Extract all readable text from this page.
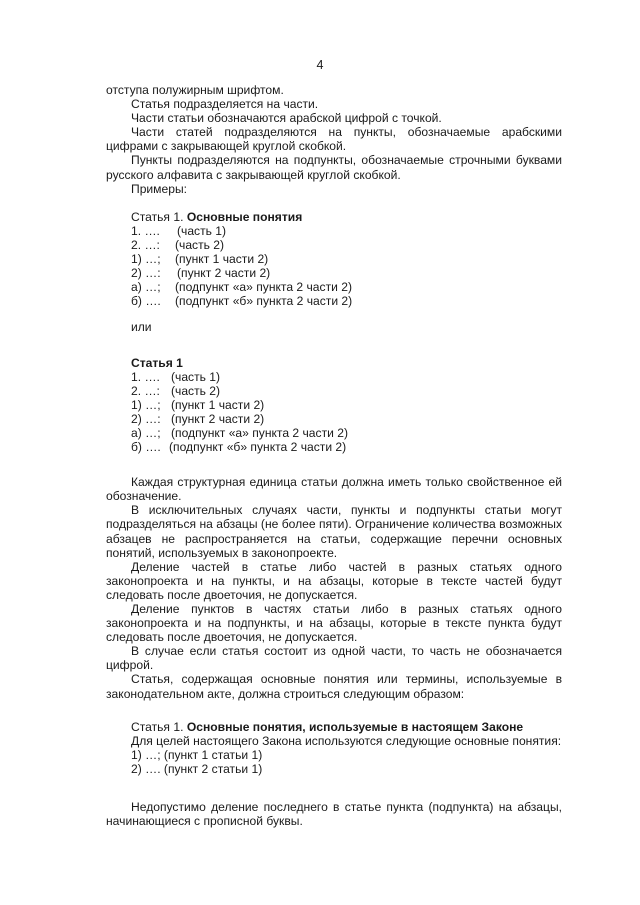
4

отступа полужирным шрифтом.

Статья подразделяется на части.

Части статьи обозначаются арабской цифрой с точкой.

Части статей подразделяются на пункты, обозначаемые арабскими цифрами с закрывающей круглой скобкой.

Пункты подразделяются на подпункты, обозначаемые строчными буквами русского алфавита с закрывающей круглой скобкой.

Примеры:

Статья 1. Основные понятия
1. …. (часть 1)
2. …: (часть 2)
1) …; (пункт 1 части 2)
2) …: (пункт 2 части 2)
а) …; (подпункт «а» пункта 2 части 2)
б) …. (подпункт «б» пункта 2 части 2)
или
Статья 1
1. …. (часть 1)
2. …: (часть 2)
1) …; (пункт 1 части 2)
2) …: (пункт 2 части 2)
а) …; (подпункт «а» пункта 2 части 2)
б) …. (подпункт «б» пункта 2 части 2)

Каждая структурная единица статьи должна иметь только свойственное ей обозначение.

В исключительных случаях части, пункты и подпункты статьи могут подразделяться на абзацы (не более пяти). Ограничение количества возможных абзацев не распространяется на статьи, содержащие перечни основных понятий, используемых в законопроекте.

Деление частей в статье либо частей в разных статьях одного законопроекта и на пункты, и на абзацы, которые в тексте частей будут следовать после двоеточия, не допускается.

Деление пунктов в частях статьи либо в разных статьях одного законопроекта и на подпункты, и на абзацы, которые в тексте пункта будут следовать после двоеточия, не допускается.

В случае если статья состоит из одной части, то часть не обозначается цифрой.

Статья, содержащая основные понятия или термины, используемые в законодательном акте, должна строиться следующим образом:

Статья 1. Основные понятия, используемые в настоящем Законе

Для целей настоящего Закона используются следующие основные понятия:

1) …; (пункт 1 статьи 1)
2) …. (пункт 2 статьи 1)

Недопустимо деление последнего в статье пункта (подпункта) на абзацы, начинающиеся с прописной буквы.
